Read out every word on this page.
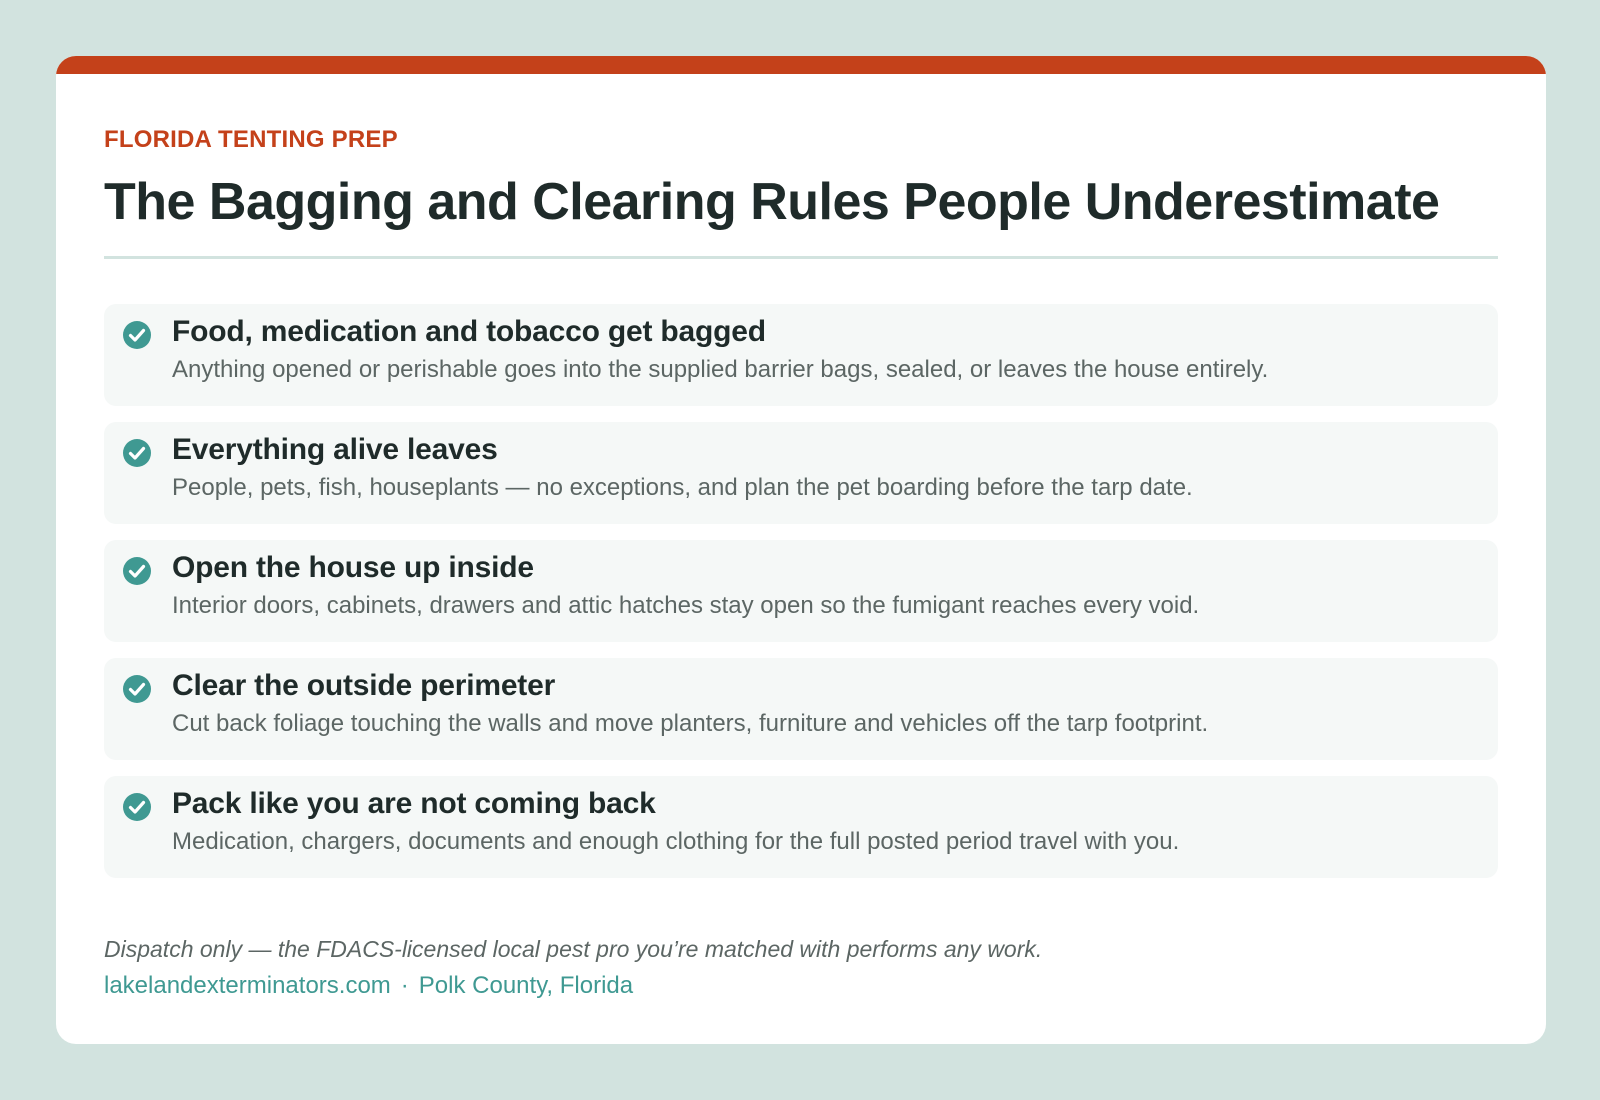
FLORIDA TENTING PREP
The Bagging and Clearing Rules People Underestimate
Food, medication and tobacco get bagged
Anything opened or perishable goes into the supplied barrier bags, sealed, or leaves the house entirely.
Everything alive leaves
People, pets, fish, houseplants — no exceptions, and plan the pet boarding before the tarp date.
Open the house up inside
Interior doors, cabinets, drawers and attic hatches stay open so the fumigant reaches every void.
Clear the outside perimeter
Cut back foliage touching the walls and move planters, furniture and vehicles off the tarp footprint.
Pack like you are not coming back
Medication, chargers, documents and enough clothing for the full posted period travel with you.
Dispatch only — the FDACS-licensed local pest pro you’re matched with performs any work.
lakelandexterminators.com · Polk County, Florida
